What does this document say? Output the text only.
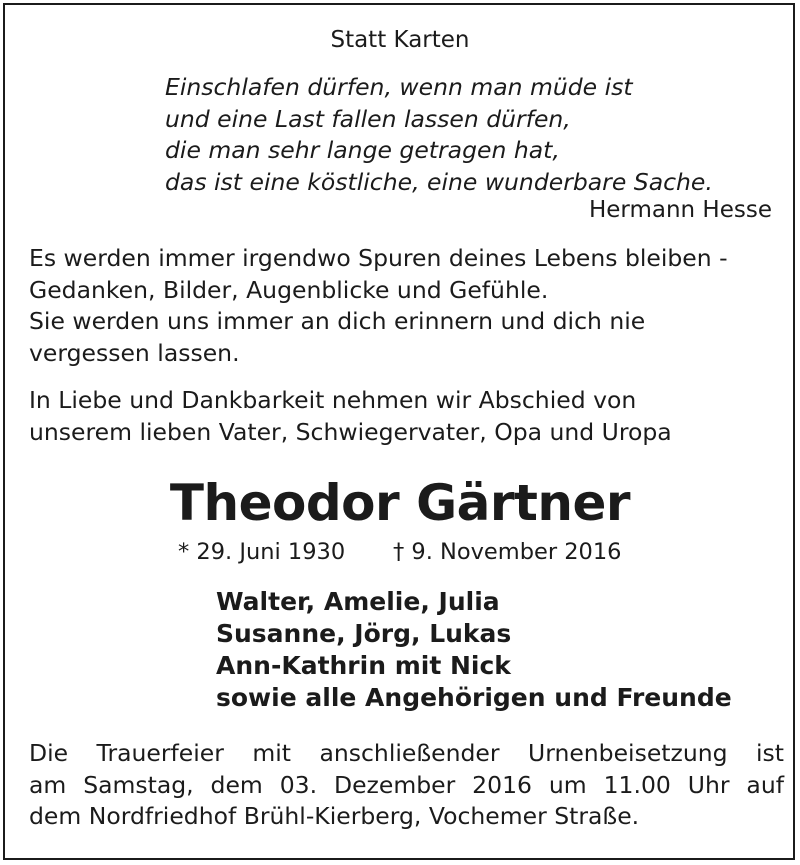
Statt Karten
Einschlafen dürfen, wenn man müde ist
und eine Last fallen lassen dürfen,
die man sehr lange getragen hat,
das ist eine köstliche, eine wunderbare Sache.
Hermann Hesse
Es werden immer irgendwo Spuren deines Lebens bleiben -
Gedanken, Bilder, Augenblicke und Gefühle.
Sie werden uns immer an dich erinnern und dich nie
vergessen lassen.
In Liebe und Dankbarkeit nehmen wir Abschied von
unserem lieben Vater, Schwiegervater, Opa und Uropa
Theodor Gärtner
* 29. Juni 1930 † 9. November 2016
Walter, Amelie, Julia
Susanne, Jörg, Lukas
Ann-Kathrin mit Nick
sowie alle Angehörigen und Freunde
Die Trauerfeier mit anschließender Urnenbeisetzung ist
am Samstag, dem 03. Dezember 2016 um 11.00 Uhr auf
dem Nordfriedhof Brühl-Kierberg, Vochemer Straße.
